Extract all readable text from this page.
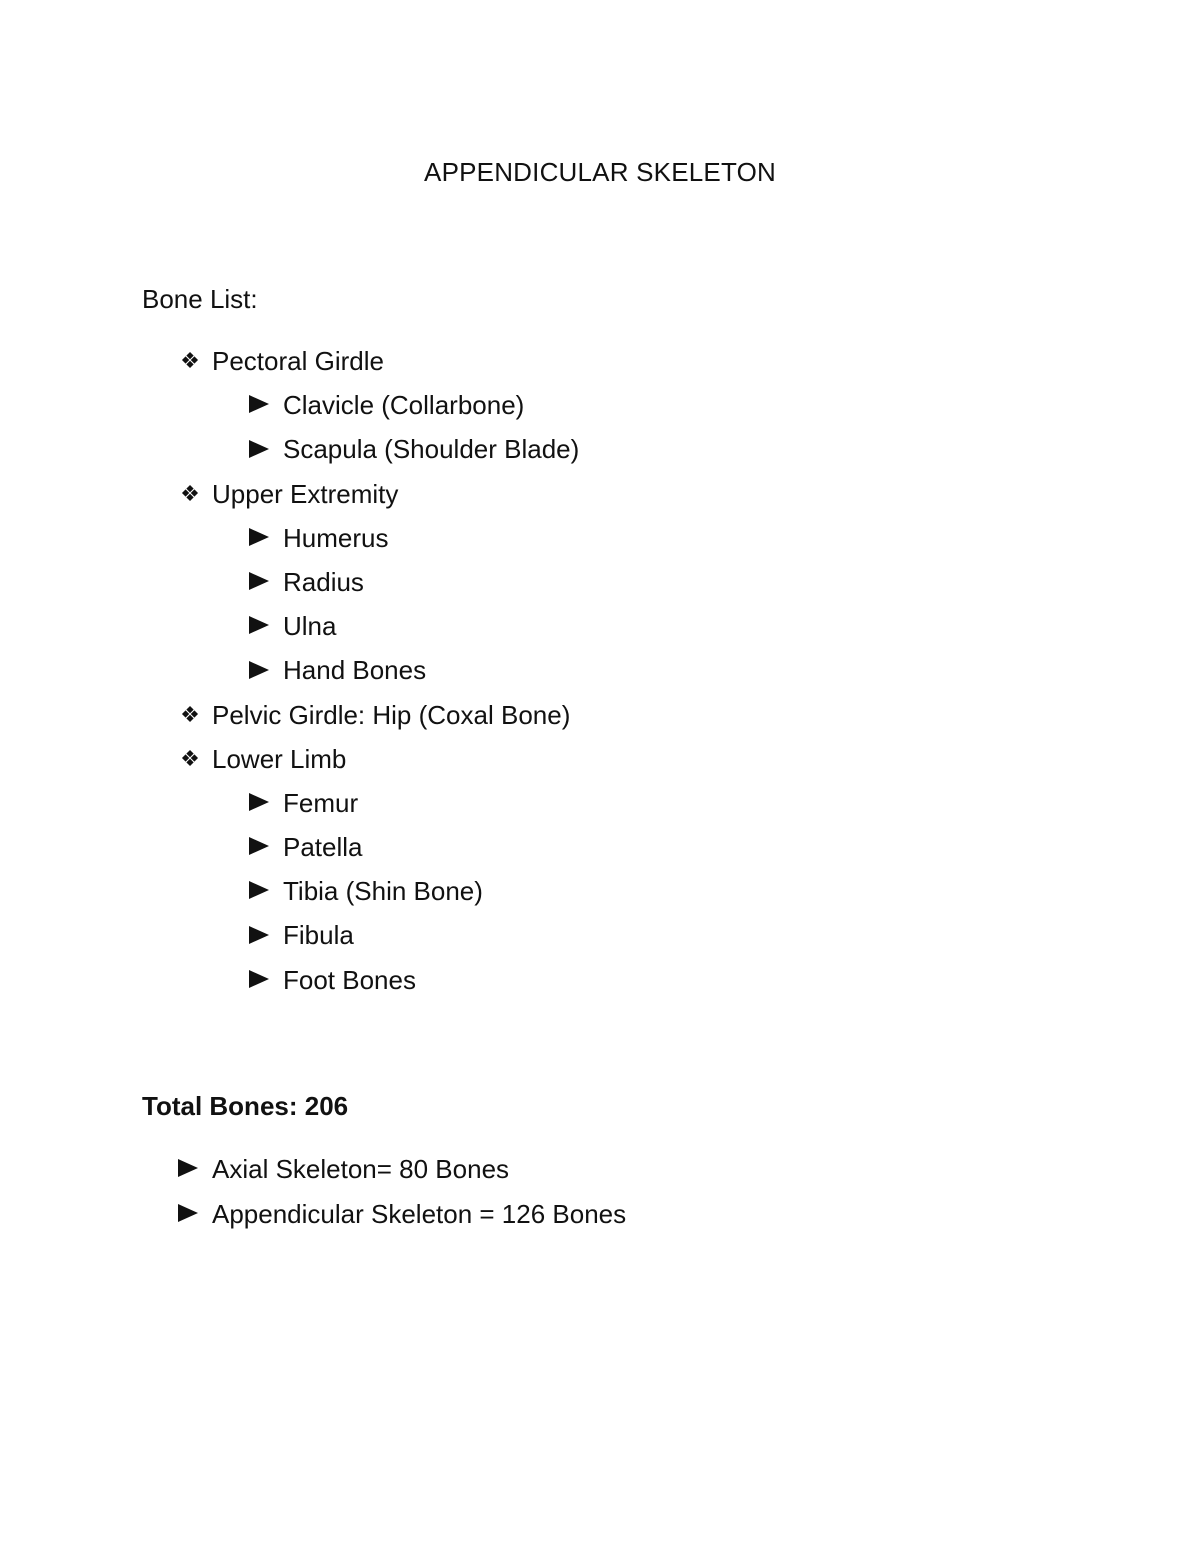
APPENDICULAR SKELETON
Bone List:
❖ Pectoral Girdle
Clavicle (Collarbone)
Scapula (Shoulder Blade)
❖ Upper Extremity
Humerus
Radius
Ulna
Hand Bones
❖ Pelvic Girdle: Hip (Coxal Bone)
❖ Lower Limb
Femur
Patella
Tibia (Shin Bone)
Fibula
Foot Bones
Total Bones: 206
Axial Skeleton= 80 Bones
Appendicular Skeleton = 126 Bones
